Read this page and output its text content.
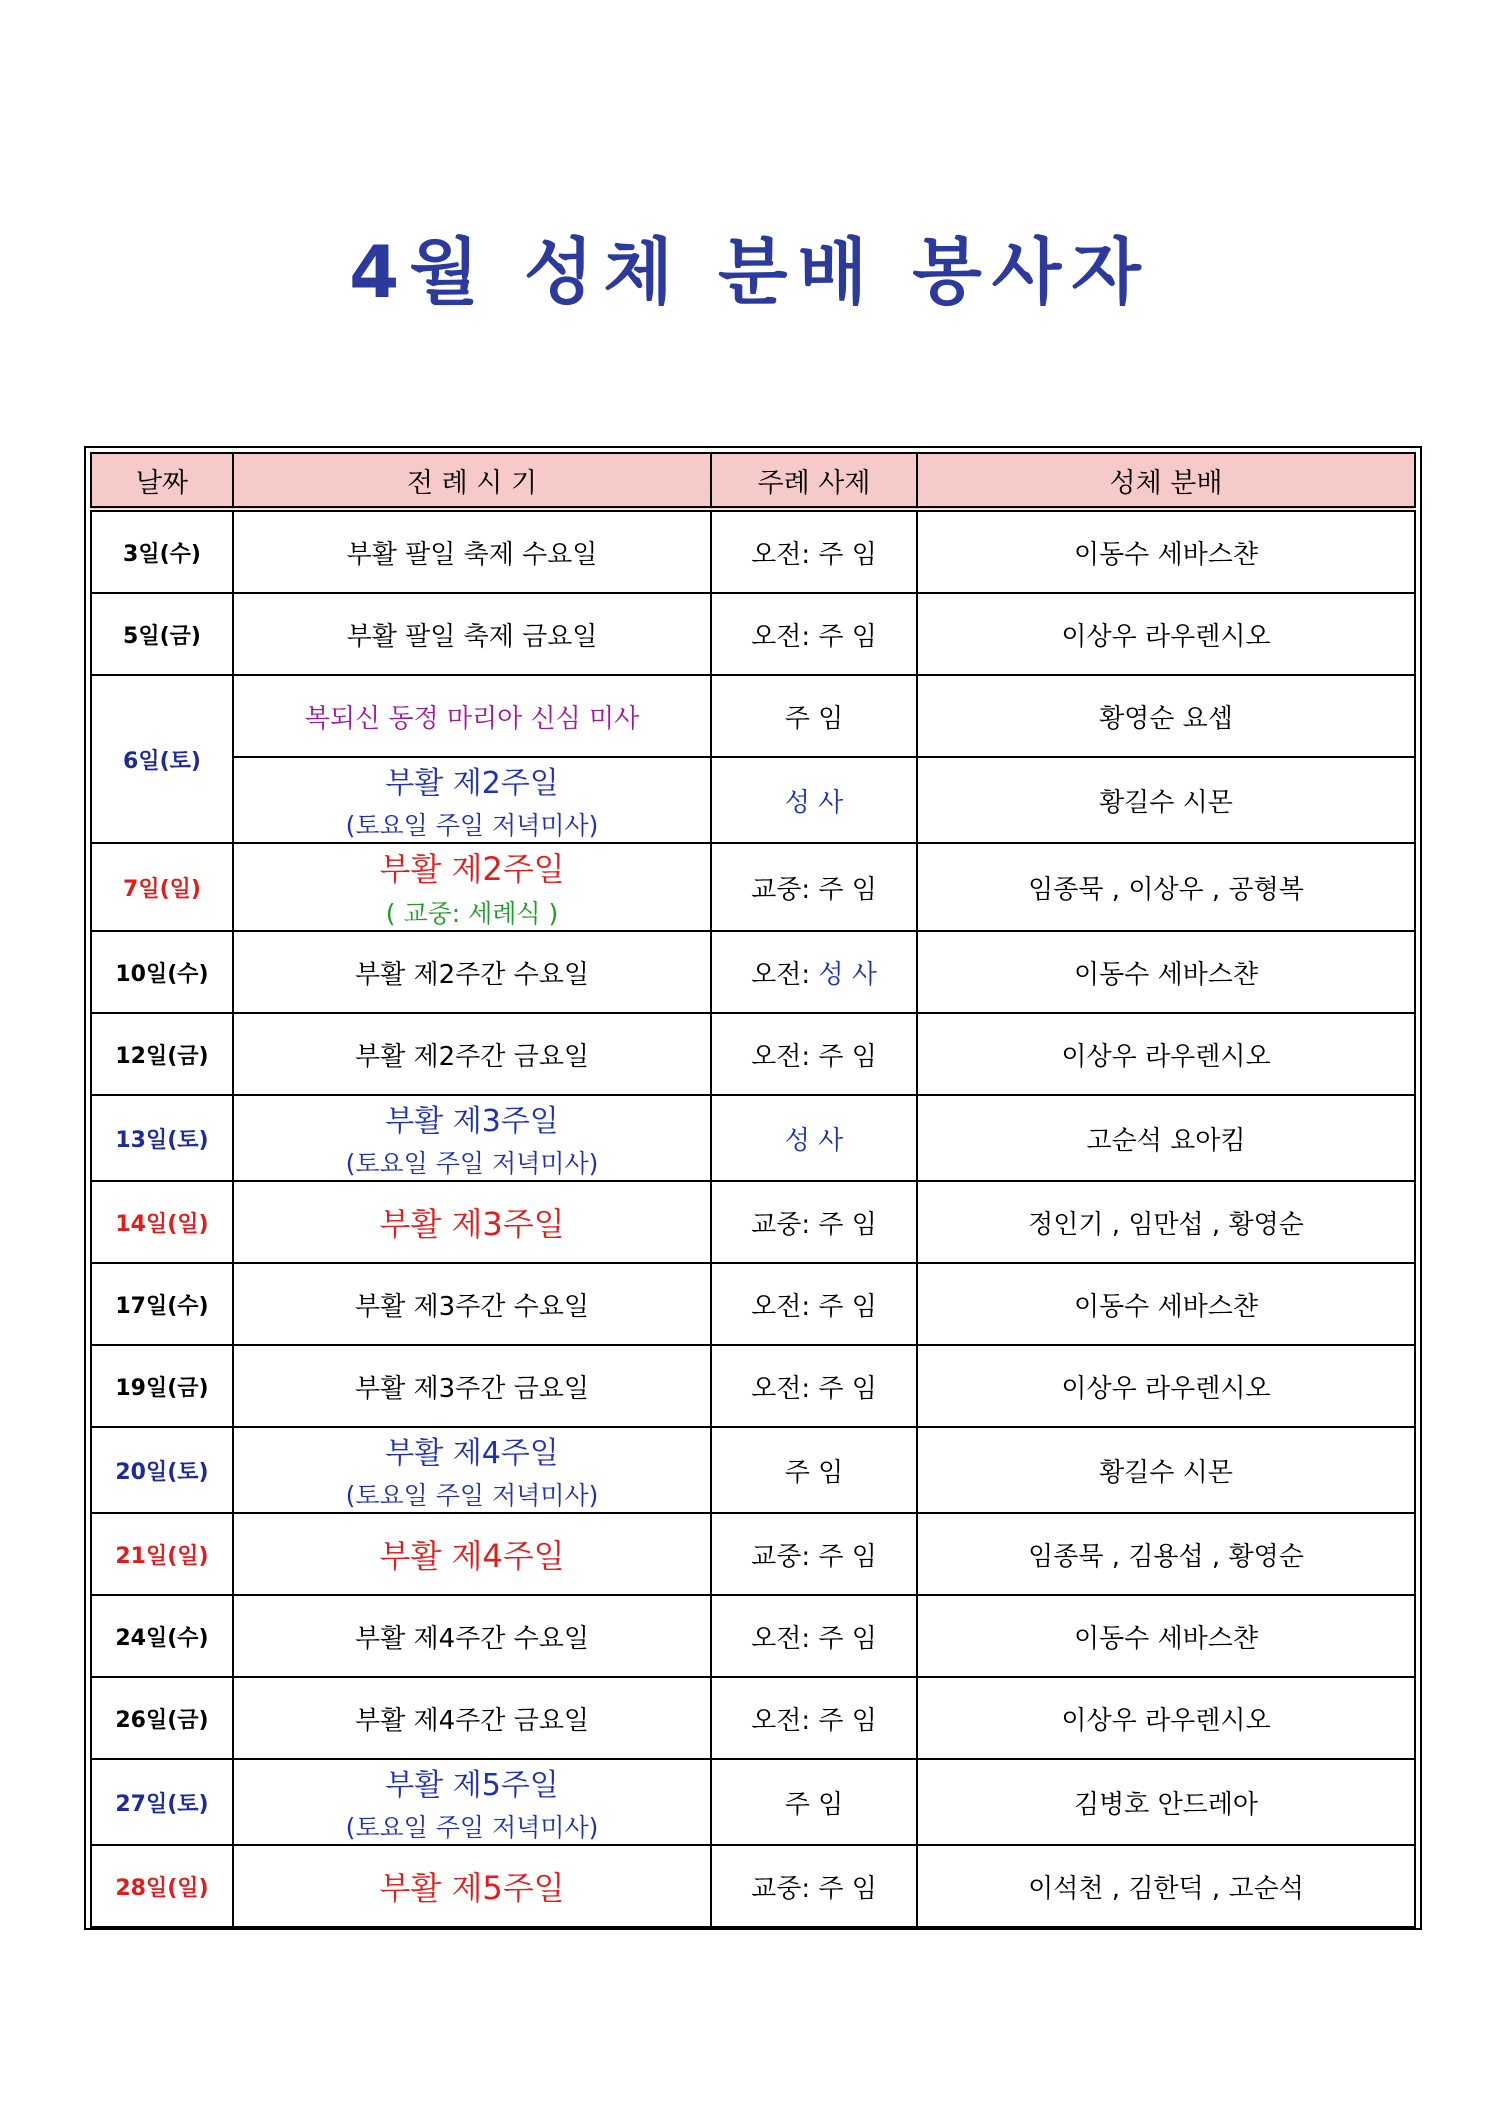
4월 성체 분배 봉사자
날짜	전 례 시 기	주례 사제	성체 분배
3일(수)	부활 팔일 축제 수요일	오전: 주 임	이동수 세바스챤
5일(금)	부활 팔일 축제 금요일	오전: 주 임	이상우 라우렌시오
6일(토)	복되신 동정 마리아 신심 미사	주 임	황영순 요셉

	부활 제2주일
(토요일 주일 저녁미사)	성 사	황길수 시몬
7일(일)	부활 제2주일
( 교중: 세례식 )	교중: 주 임	임종묵 , 이상우 , 공형복
10일(수)	부활 제2주간 수요일	오전: 성 사	이동수 세바스챤
12일(금)	부활 제2주간 금요일	오전: 주 임	이상우 라우렌시오
13일(토)	부활 제3주일
(토요일 주일 저녁미사)	성 사	고순석 요아킴
14일(일)	부활 제3주일	교중: 주 임	정인기 , 임만섭 , 황영순
17일(수)	부활 제3주간 수요일	오전: 주 임	이동수 세바스챤
19일(금)	부활 제3주간 금요일	오전: 주 임	이상우 라우렌시오
20일(토)	부활 제4주일
(토요일 주일 저녁미사)	주 임	황길수 시몬
21일(일)	부활 제4주일	교중: 주 임	임종묵 , 김용섭 , 황영순
24일(수)	부활 제4주간 수요일	오전: 주 임	이동수 세바스챤
26일(금)	부활 제4주간 금요일	오전: 주 임	이상우 라우렌시오
27일(토)	부활 제5주일
(토요일 주일 저녁미사)	주 임	김병호 안드레아
28일(일)	부활 제5주일	교중: 주 임	이석천 , 김한덕 , 고순석
